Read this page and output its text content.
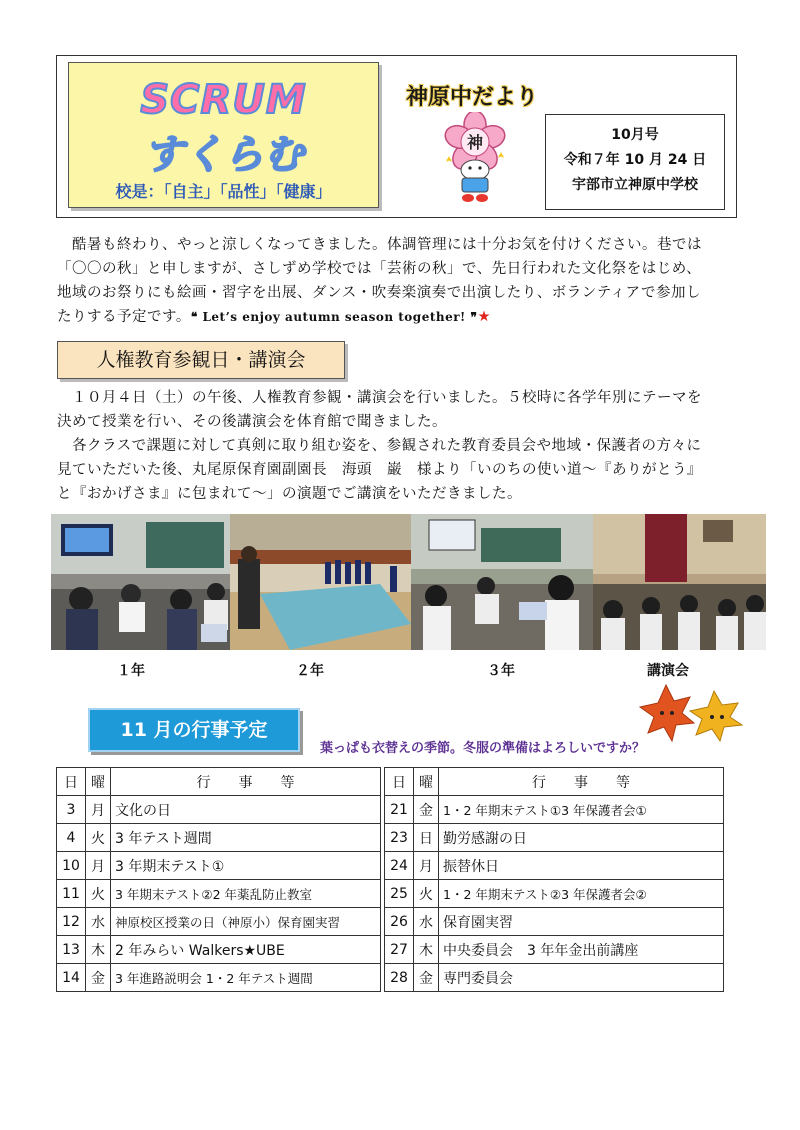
SCRUM
すくらむ
校是：「自主」「品性」「健康」
神原中だより
神	10月号
令和７年 10 月 24 日
宇部市立神原中学校
　酷暑も終わり、やっと涼しくなってきました。体調管理には十分お気を付けください。巷では
「〇〇の秋」と申しますが、さしずめ学校では「芸術の秋」で、先日行われた文化祭をはじめ、
地域のお祭りにも絵画・習字を出展、ダンス・吹奏楽演奏で出演したり、ボランティアで参加し
たりする予定です。❝ Let’s enjoy autumn season together! ❞★
人権教育参観日・講演会
　１０月４日（土）の午後、人権教育参観・講演会を行いました。５校時に各学年別にテーマを
決めて授業を行い、その後講演会を体育館で聞きました。
　各クラスで課題に対して真剣に取り組む姿を、参観された教育委員会や地域・保護者の方々に
見ていただいた後、丸尾原保育園副園長　海頭　巌　様より「いのちの使い道～『ありがとう』
と『おかげさま』に包まれて～」の演題でご講演をいただきました。
１年	２年	３年	講演会
11 月の行事予定
葉っぱも衣替えの季節。冬服の準備はよろしいですか？
日	曜	行　　事　　等
3	月	文化の日
4	火	3 年テスト週間
10	月	3 年期末テスト①
11	火	3 年期末テスト②2 年薬乱防止教室
12	水	神原校区授業の日（神原小）保育園実習
13	木	2 年みらい Walkers★UBE
14	金	3 年進路説明会 1・2 年テスト週間
日	曜	行　　事　　等
21	金	1・2 年期末テスト①3 年保護者会①
23	日	勤労感謝の日
24	月	振替休日
25	火	1・2 年期末テスト②3 年保護者会②
26	水	保育園実習
27	木	中央委員会　3 年年金出前講座
28	金	専門委員会
